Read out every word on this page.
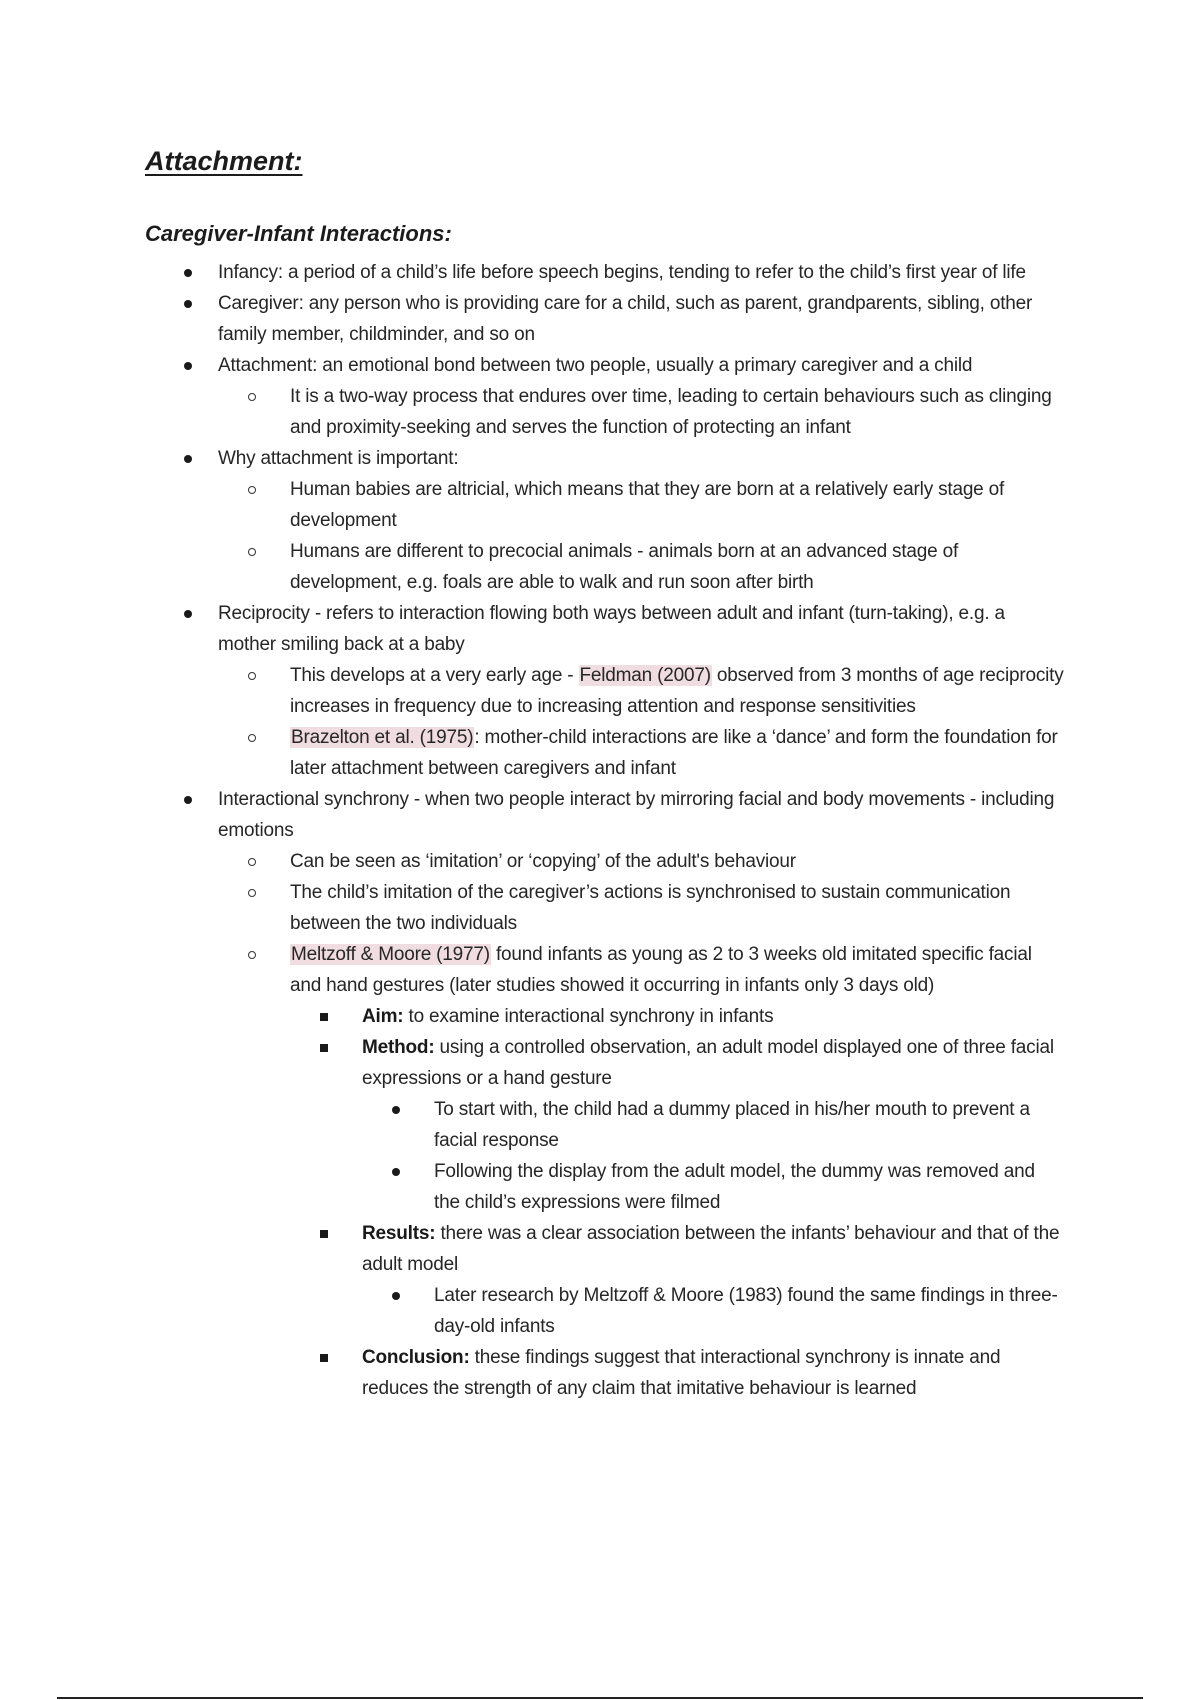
Attachment:
Caregiver-Infant Interactions:
Infancy: a period of a child’s life before speech begins, tending to refer to the child’s first year of life
Caregiver: any person who is providing care for a child, such as parent, grandparents, sibling, other family member, childminder, and so on
Attachment: an emotional bond between two people, usually a primary caregiver and a child
It is a two-way process that endures over time, leading to certain behaviours such as clinging and proximity-seeking and serves the function of protecting an infant
Why attachment is important:
Human babies are altricial, which means that they are born at a relatively early stage of development
Humans are different to precocial animals - animals born at an advanced stage of development, e.g. foals are able to walk and run soon after birth
Reciprocity - refers to interaction flowing both ways between adult and infant (turn-taking), e.g. a mother smiling back at a baby
This develops at a very early age - Feldman (2007) observed from 3 months of age reciprocity increases in frequency due to increasing attention and response sensitivities
Brazelton et al. (1975): mother-child interactions are like a ‘dance’ and form the foundation for later attachment between caregivers and infant
Interactional synchrony - when two people interact by mirroring facial and body movements - including emotions
Can be seen as ‘imitation’ or ‘copying’ of the adult's behaviour
The child’s imitation of the caregiver’s actions is synchronised to sustain communication between the two individuals
Meltzoff & Moore (1977) found infants as young as 2 to 3 weeks old imitated specific facial and hand gestures (later studies showed it occurring in infants only 3 days old)
Aim: to examine interactional synchrony in infants
Method: using a controlled observation, an adult model displayed one of three facial expressions or a hand gesture
To start with, the child had a dummy placed in his/her mouth to prevent a facial response
Following the display from the adult model, the dummy was removed and the child’s expressions were filmed
Results: there was a clear association between the infants’ behaviour and that of the adult model
Later research by Meltzoff & Moore (1983) found the same findings in three-day-old infants
Conclusion: these findings suggest that interactional synchrony is innate and reduces the strength of any claim that imitative behaviour is learned
